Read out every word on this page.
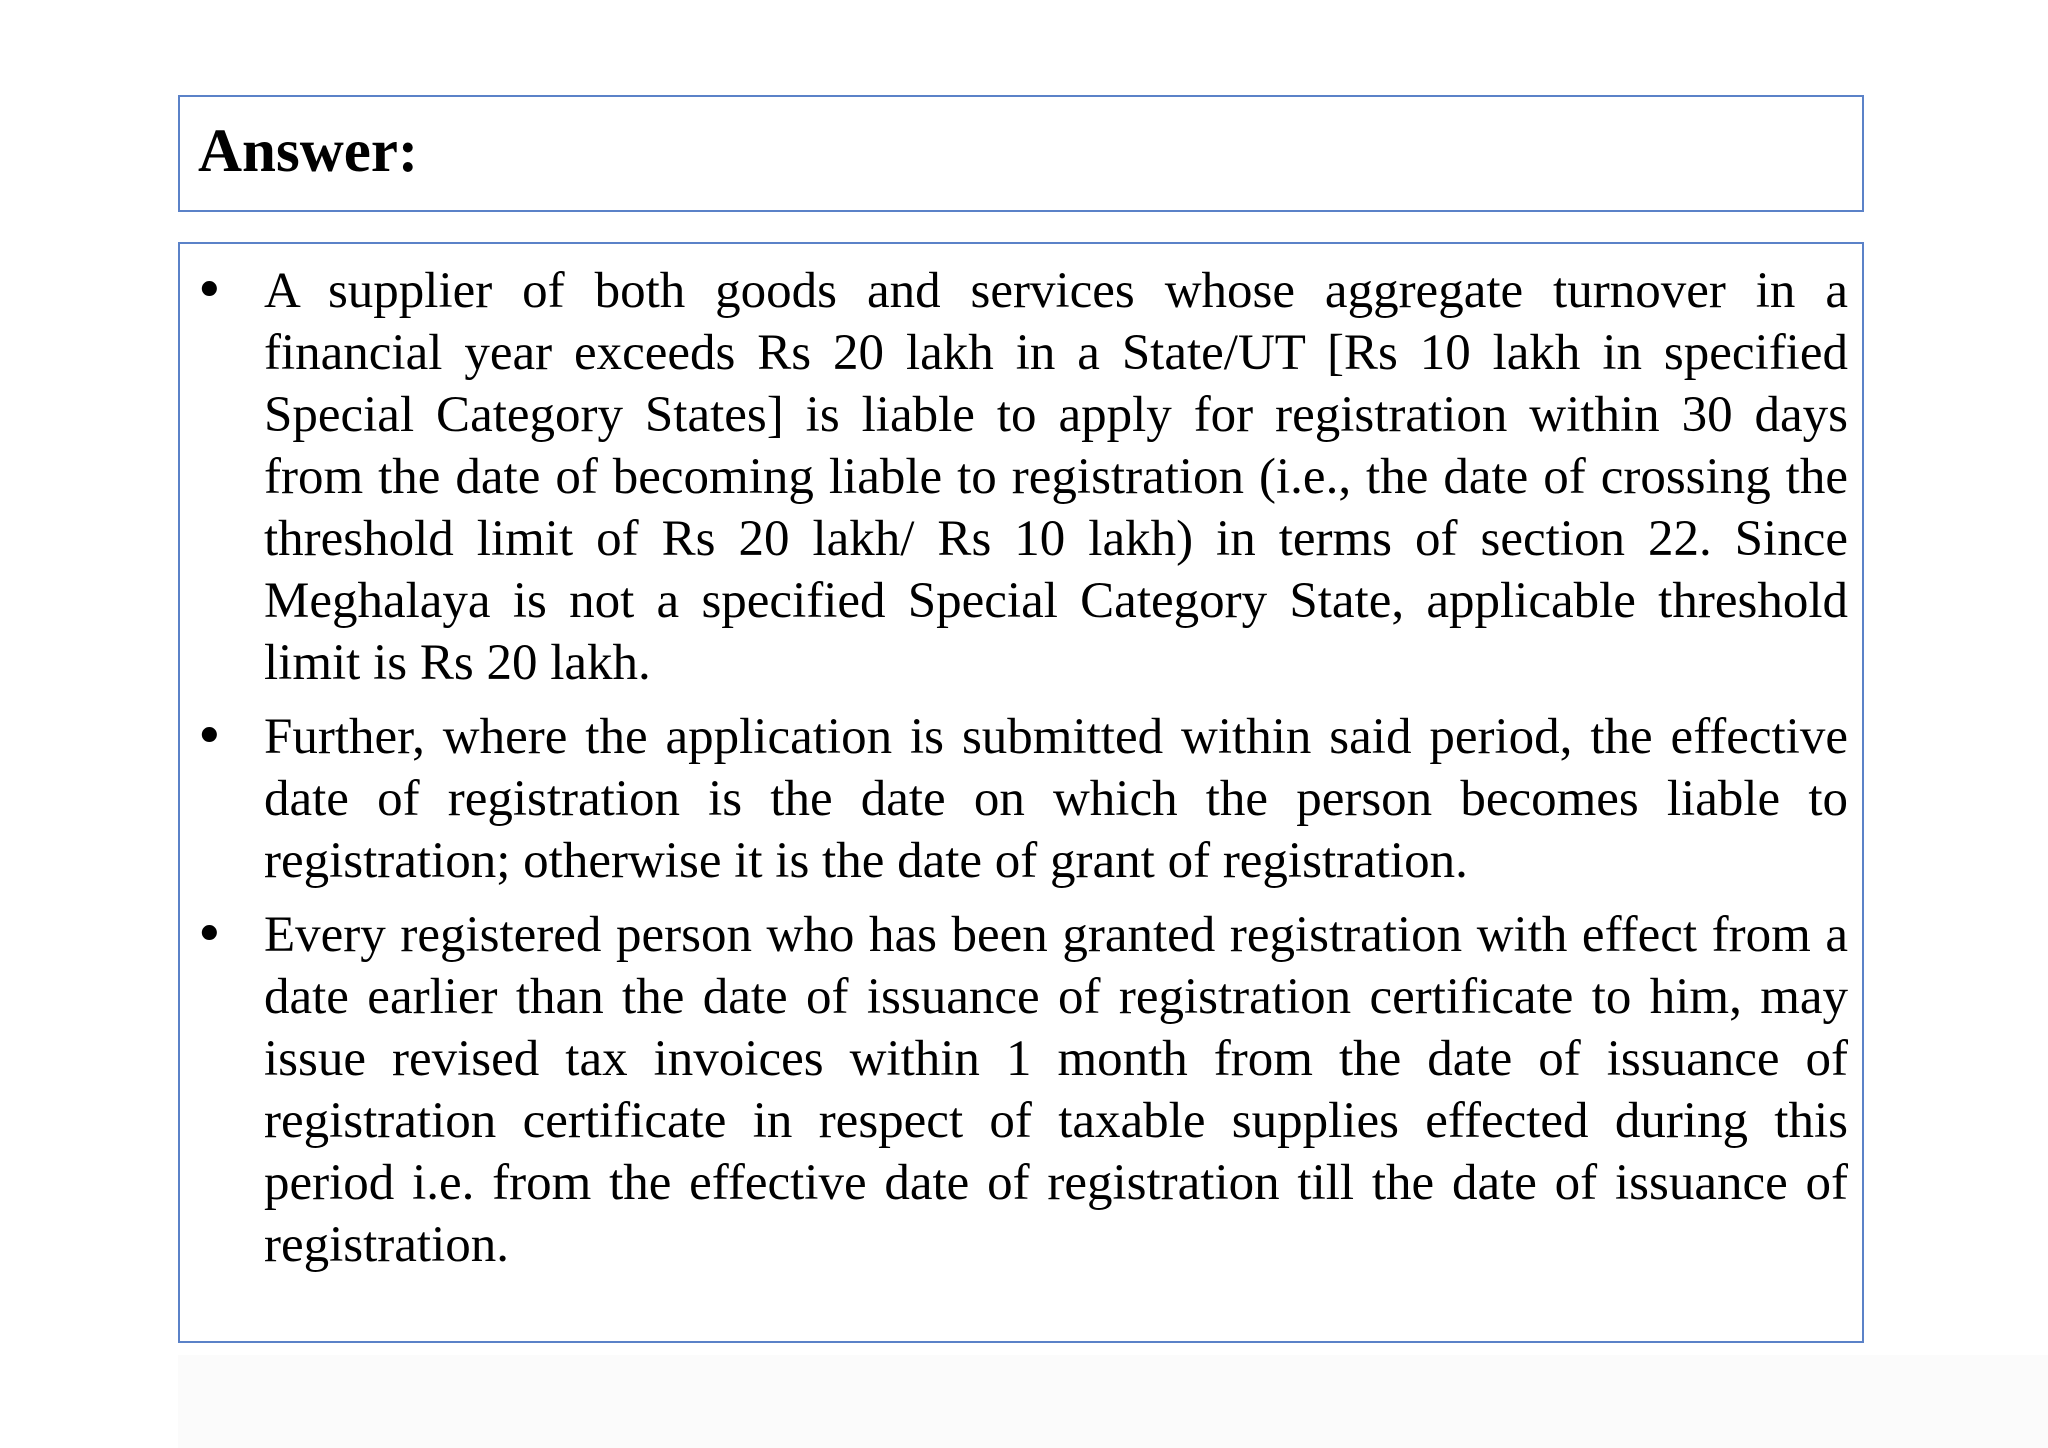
Answer:
• A supplier of both goods and services whose aggregate turnover in a financial year exceeds Rs 20 lakh in a State/UT [Rs 10 lakh in specified Special Category States] is liable to apply for registration within 30 days from the date of becoming liable to registration (i.e., the date of crossing the threshold limit of Rs 20 lakh/ Rs 10 lakh) in terms of section 22. Since Meghalaya is not a specified Special Category State, applicable threshold limit is Rs 20 lakh.
• Further, where the application is submitted within said period, the effective date of registration is the date on which the person becomes liable to registration; otherwise it is the date of grant of registration.
• Every registered person who has been granted registration with effect from a date earlier than the date of issuance of registration certificate to him, may issue revised tax invoices within 1 month from the date of issuance of registration certificate in respect of taxable supplies effected during this period i.e. from the effective date of registration till the date of issuance of registration.
